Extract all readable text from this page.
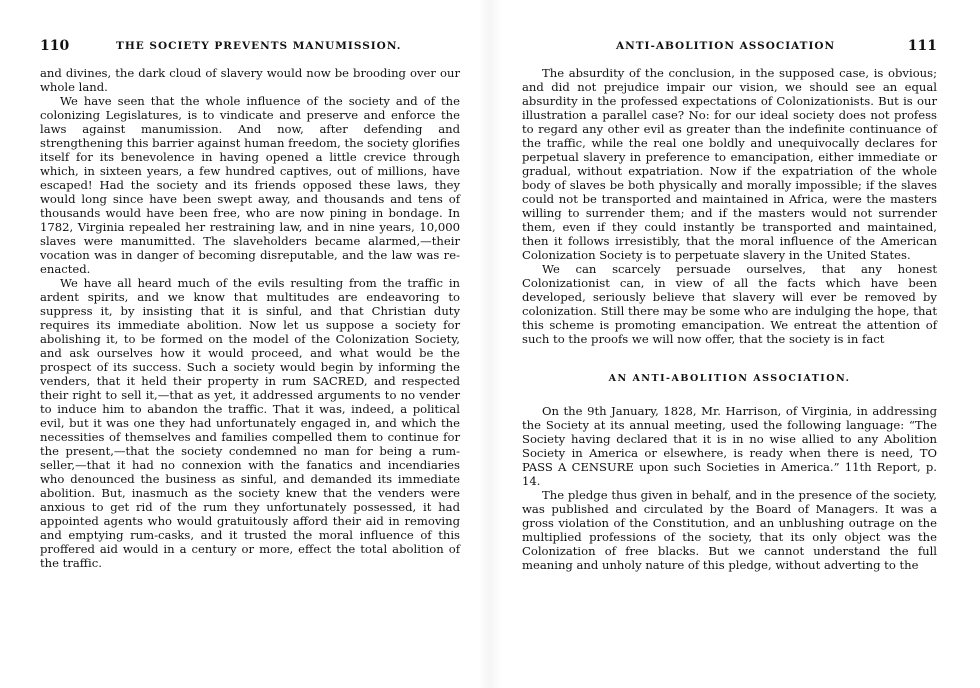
110	THE SOCIETY PREVENTS MANUMISSION.

and divines, the dark cloud of slavery would now be brooding over our whole land.

We have seen that the whole influence of the society and of the colonizing Legislatures, is to vindicate and preserve and enforce the laws against manumission. And now, after defending and strengthening this barrier against human freedom, the society glorifies itself for its benevolence in having opened a little crevice through which, in sixteen years, a few hundred captives, out of millions, have escaped! Had the society and its friends opposed these laws, they would long since have been swept away, and thousands and tens of thousands would have been free, who are now pining in bondage. In 1782, Virginia repealed her restraining law, and in nine years, 10,000 slaves were manumitted. The slaveholders became alarmed,—their vocation was in danger of becoming disreputable, and the law was re-enacted.

We have all heard much of the evils resulting from the traffic in ardent spirits, and we know that multitudes are endeavoring to suppress it, by insisting that it is sinful, and that Christian duty requires its immediate abolition. Now let us suppose a society for abolishing it, to be formed on the model of the Colonization Society, and ask ourselves how it would proceed, and what would be the prospect of its success. Such a society would begin by informing the venders, that it held their property in rum SACRED, and respected their right to sell it,—that as yet, it addressed arguments to no vender to induce him to abandon the traffic. That it was, indeed, a political evil, but it was one they had unfortunately engaged in, and which the necessities of themselves and families compelled them to continue for the present,—that the society condemned no man for being a rum-seller,—that it had no connexion with the fanatics and incendiaries who denounced the business as sinful, and demanded its immediate abolition. But, inasmuch as the society knew that the venders were anxious to get rid of the rum they unfortunately possessed, it had appointed agents who would gratuitously afford their aid in removing and emptying rum-casks, and it trusted the moral influence of this proffered aid would in a century or more, effect the total abolition of the traffic.

ANTI-ABOLITION ASSOCIATION	111

The absurdity of the conclusion, in the supposed case, is obvious; and did not prejudice impair our vision, we should see an equal absurdity in the professed expectations of Colonizationists. But is our illustration a parallel case? No: for our ideal society does not profess to regard any other evil as greater than the indefinite continuance of the traffic, while the real one boldly and unequivocally declares for perpetual slavery in preference to emancipation, either immediate or gradual, without expatriation. Now if the expatriation of the whole body of slaves be both physically and morally impossible; if the slaves could not be transported and maintained in Africa, were the masters willing to surrender them; and if the masters would not surrender them, even if they could instantly be transported and maintained, then it follows irresistibly, that the moral influence of the American Colonization Society is to perpetuate slavery in the United States.

We can scarcely persuade ourselves, that any honest Colonizationist can, in view of all the facts which have been developed, seriously believe that slavery will ever be removed by colonization. Still there may be some who are indulging the hope, that this scheme is promoting emancipation. We entreat the attention of such to the proofs we will now offer, that the society is in fact

AN ANTI-ABOLITION ASSOCIATION.

On the 9th January, 1828, Mr. Harrison, of Virginia, in addressing the Society at its annual meeting, used the following language: “The Society having declared that it is in no wise allied to any Abolition Society in America or elsewhere, is ready when there is need, TO PASS A CENSURE upon such Societies in America.” 11th Report, p. 14.

The pledge thus given in behalf, and in the presence of the society, was published and circulated by the Board of Managers. It was a gross violation of the Constitution, and an unblushing outrage on the multiplied professions of the society, that its only object was the Colonization of free blacks. But we cannot understand the full meaning and unholy nature of this pledge, without adverting to the
